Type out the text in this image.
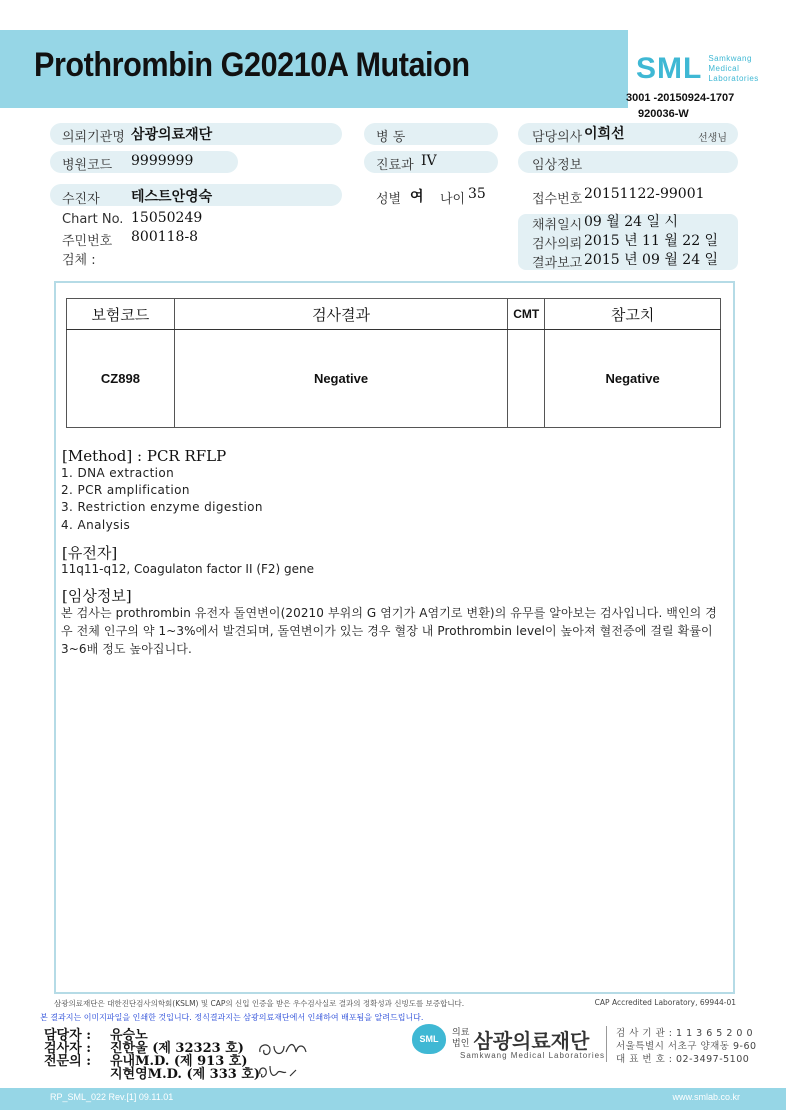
Prothrombin G20210A Mutaion	SML Samkwang
Medical
Laboratories
3001 -20150924-1707
920036-W
의뢰기관명 삼광의료재단	병 동	담당의사 이희선	선생님
병원코드 9999999	진료과 IV	임상정보
수진자 테스트안영숙	성별 여 나이 35	접수번호 20151122-99001
Chart No. 15050249
주민번호 800118-8
검체 :
채취일시 09 월 24 일 시
검사의뢰 2015 년 11 월 22 일
결과보고 2015 년 09 월 24 일
보험코드	검사결과	CMT	참고치
CZ898	Negative		Negative
[Method] : PCR RFLP
1. DNA extraction
2. PCR amplification
3. Restriction enzyme digestion
4. Analysis
[유전자]
11q11-q12, Coagulaton factor II (F2) gene
[임상정보]
본 검사는 prothrombin 유전자 돌연변이(20210 부위의 G 염기가 A염기로 변환)의 유무를 알아보는 검사입니다. 백인의 경우 전체 인구의 약 1~3%에서 발견되며, 돌연변이가 있는 경우 혈장 내 Prothrombin level이 높아져 혈전증에 걸릴 확률이 3~6배 정도 높아집니다.
삼광의료재단은 대한진단검사의학회(KSLM) 및 CAP의 신입 인증을 받은 우수검사실로 결과의 정확성과 신빙도를 보증합니다.	CAP Accredited Laboratory, 69944-01
본 결과지는 이미지파일을 인쇄한 것입니다. 정식결과지는 삼광의료재단에서 인쇄하여 배포됨을 알려드립니다.
담당자 : 유승노
검사자 : 진한울 (제 32323 호)
전문의 : 유내M.D. (제 913 호)
지현영M.D. (제 333 호)
SML
의료
법인 삼광의료재단
Samkwang Medical Laboratories
검 사 기 관 : 1 1 3 6 5 2 0 0
서울특별시 서초구 양재동 9-60
대 표 번 호 : 02-3497-5100
RP_SML_022 Rev.[1] 09.11.01	www.smlab.co.kr
